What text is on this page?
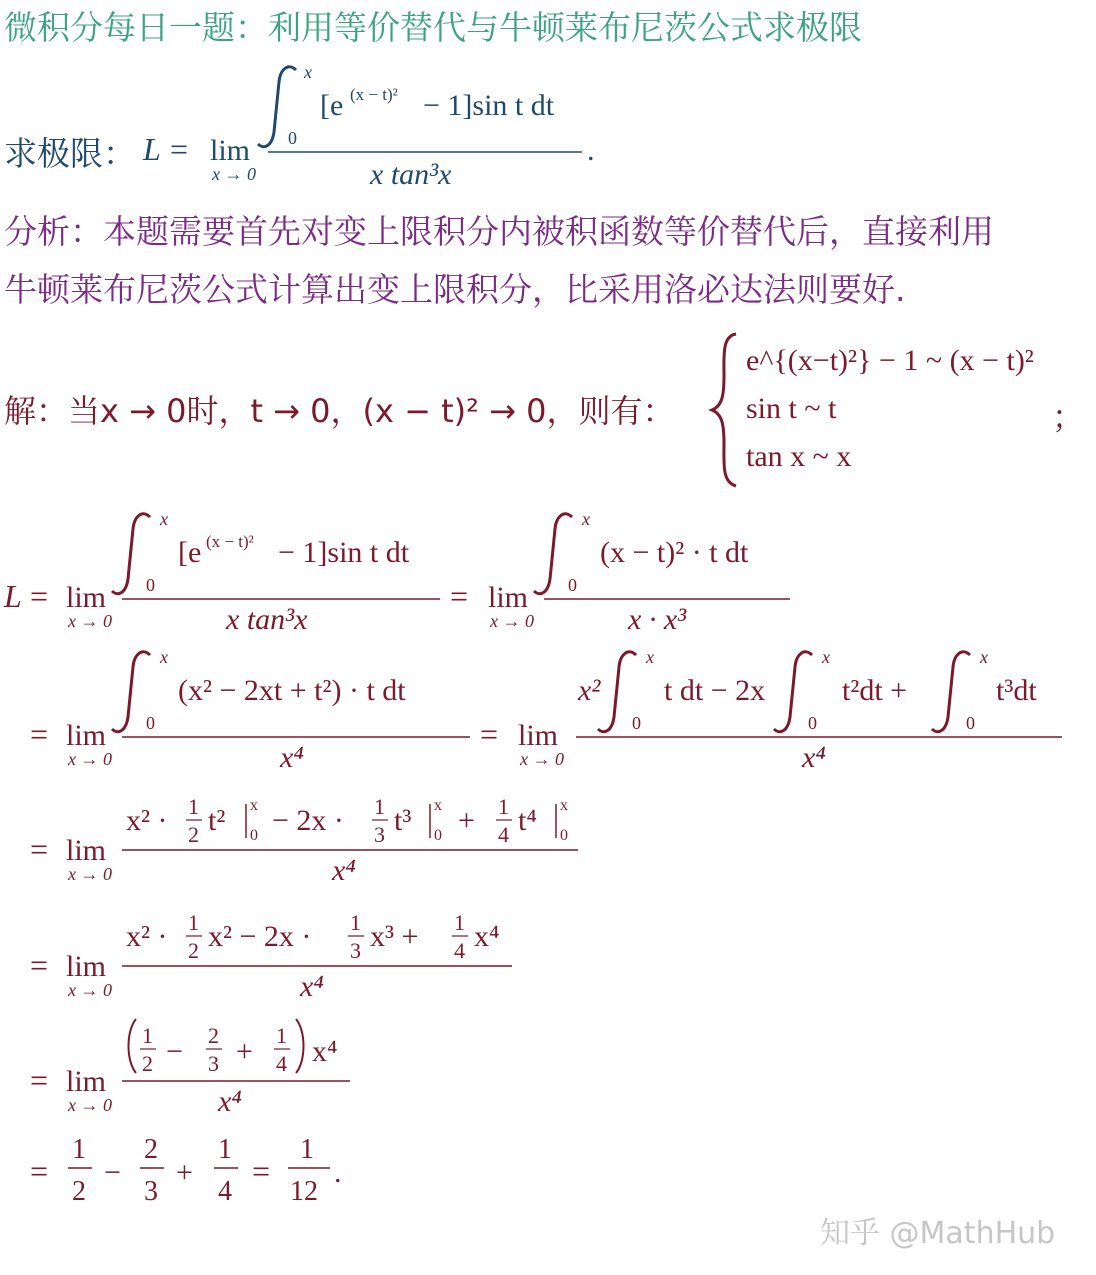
微积分每日一题：利用等价替代与牛顿莱布尼茨公式求极限
求极限： L = lim
x → 0
x
0
[e (x − t)² − 1]sin t dt
x tan³x
.
分析：本题需要首先对变上限积分内被积函数等价替代后，直接利用
牛顿莱布尼茨公式计算出变上限积分，比采用洛必达法则要好.
解：当x → 0时，t → 0，(x − t)² → 0，则有：
e^{(x−t)²} − 1 ~ (x − t)²
sin t ~ t
tan x ~ x
；
L = lim
x → 0
x
0
[e (x − t)² − 1]sin t dt
x tan³x
= lim
x → 0
x
0
(x − t)² · t dt
x · x³
= lim
x → 0
x
0
(x² − 2xt + t²) · t dt
x⁴
= lim
x → 0
x²
x
0
t dt − 2x
x
0
t²dt +
x
0
t³dt
x⁴
= lim
x → 0
x² · 1
2 t² x
0 − 2x · 1
3 t³ x
0 + 1
4 t⁴ x
0
x⁴
= lim
x → 0
x² · 1
2 x² − 2x · 1
3 x³ + 1
4 x⁴
x⁴
= lim
x → 0
1
2 − 2
3 + 1
4 x⁴
x⁴
=
1
2
−
2
3
+
1
4
=
1
12
.
知乎 @MathHub
